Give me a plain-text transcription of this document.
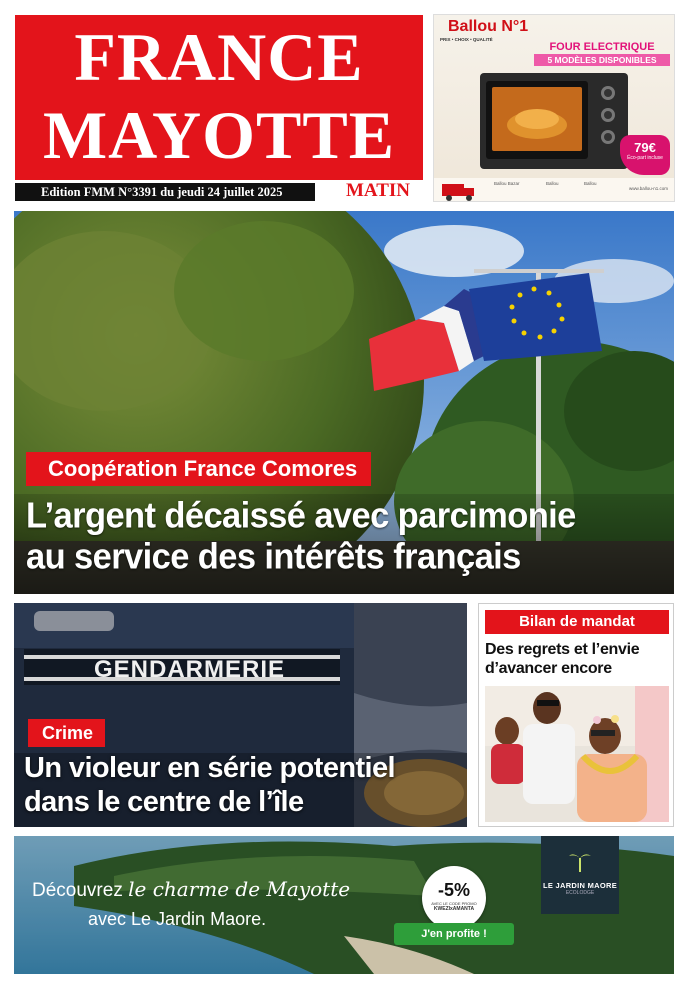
FRANCE
MAYOTTE
Edition FMM N°3391 du jeudi 24 juillet 2025	MATIN
Ballou N°1
PRIX • CHOIX • QUALITÉ
FOUR ELECTRIQUE
5 MODÈLES DISPONIBLES
79€
Éco-part incluse
Ballou Bazar	Ballou	Ballou
www.ballou-n1.com
Coopération France Comores
L’argent décaissé avec parcimonie
au service des intérêts français
GENDARMERIE
Crime
Un violeur en série potentiel
dans le centre de l’île
Bilan de mandat
Des regrets et l’envie
d’avancer encore
Découvrez le charme de Mayotte
avec Le Jardin Maore.
-5%
AVEC LE CODE PROMO
KWEZIxAMANTA
J'en profite !
LE JARDIN MAORE
ECOLODGE
